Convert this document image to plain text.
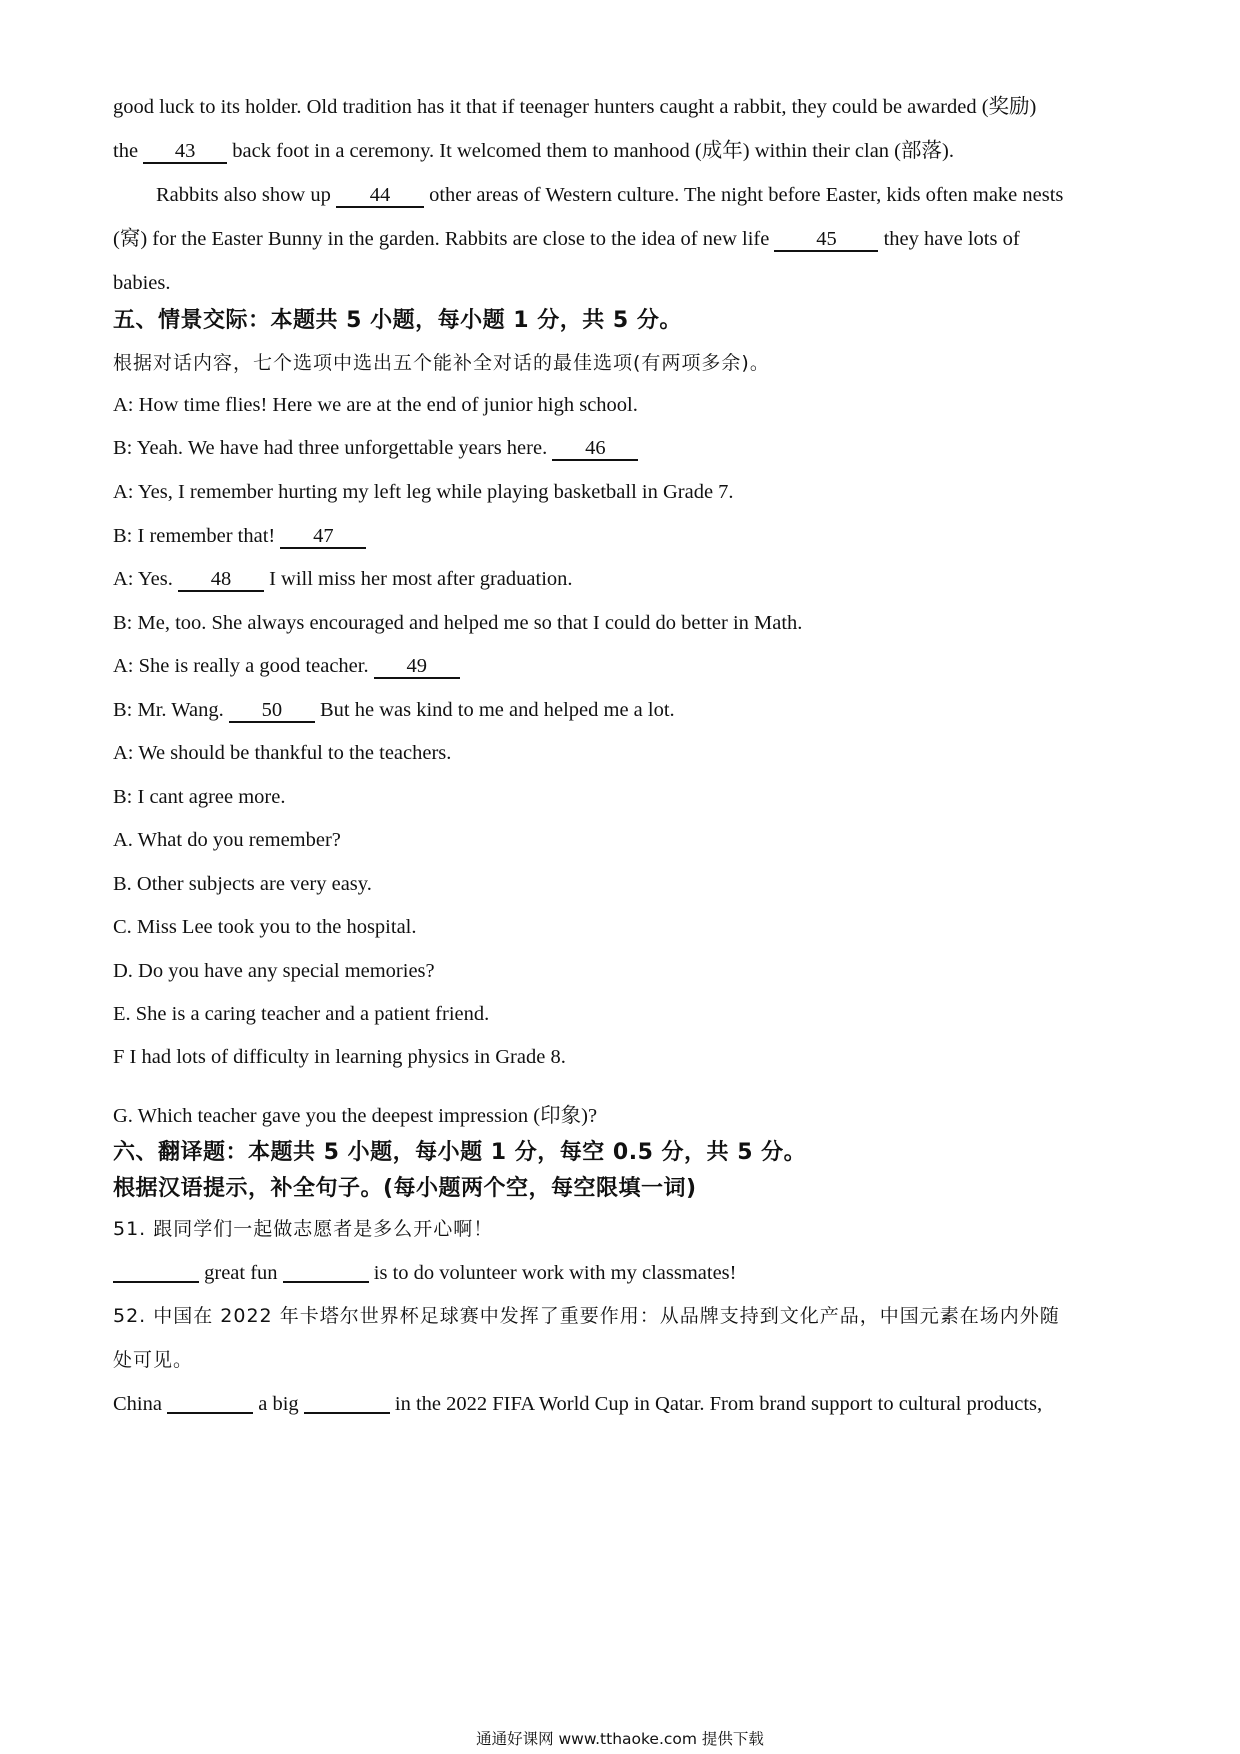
good luck to its holder. Old tradition has it that if teenager hunters caught a rabbit, they could be awarded (奖励)
the 43 back foot in a ceremony. It welcomed them to manhood (成年) within their clan (部落).
Rabbits also show up 44 other areas of Western culture. The night before Easter, kids often make nests
(窝) for the Easter Bunny in the garden. Rabbits are close to the idea of new life 45 they have lots of
babies.
五、情景交际：本题共 5 小题，每小题 1 分，共 5 分。
根据对话内容，七个选项中选出五个能补全对话的最佳选项(有两项多余)。
A: How time flies! Here we are at the end of junior high school.
B: Yeah. We have had three unforgettable years here. 46
A: Yes, I remember hurting my left leg while playing basketball in Grade 7.
B: I remember that! 47
A: Yes. 48 I will miss her most after graduation.
B: Me, too. She always encouraged and helped me so that I could do better in Math.
A: She is really a good teacher. 49
B: Mr. Wang. 50 But he was kind to me and helped me a lot.
A: We should be thankful to the teachers.
B: I cant agree more.
A. What do you remember?
B. Other subjects are very easy.
C. Miss Lee took you to the hospital.
D. Do you have any special memories?
E. She is a caring teacher and a patient friend.
F I had lots of difficulty in learning physics in Grade 8.
G. Which teacher gave you the deepest impression (印象)?
六、翻译题：本题共 5 小题，每小题 1 分，每空 0.5 分，共 5 分。
根据汉语提示，补全句子。(每小题两个空，每空限填一词)
51. 跟同学们一起做志愿者是多么开心啊！
great fun	is to do volunteer work with my classmates!
52. 中国在 2022 年卡塔尔世界杯足球赛中发挥了重要作用：从品牌支持到文化产品，中国元素在场内外随
处可见。
China	a big	in the 2022 FIFA World Cup in Qatar. From brand support to cultural products,
通通好课网 www.tthaoke.com 提供下载
